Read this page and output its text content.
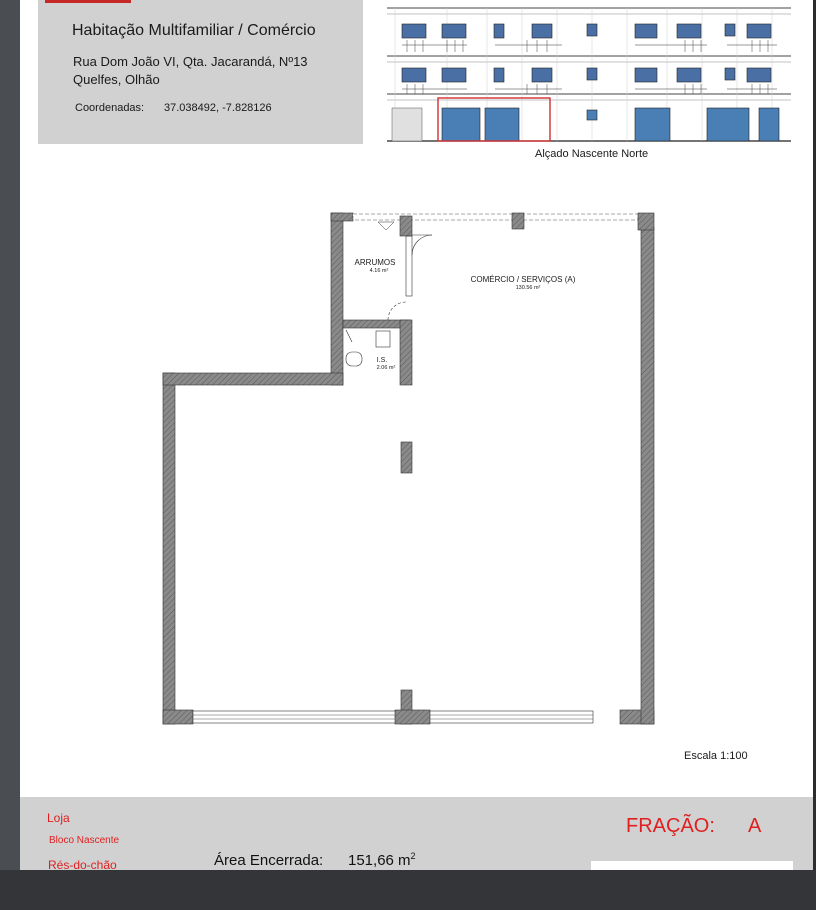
Habitação Multifamiliar / Comércio
Rua Dom João VI, Qta. Jacarandá, Nº13
Quelfes, Olhão
Coordenadas: 37.038492, -7.828126
Alçado Nascente Norte
ARRUMOS
4.16 m²
COMÉRCIO / SERVIÇOS (A)
130.56 m²
I.S.
2.06 m²
Escala 1:100
Loja
Bloco Nascente
Rés-do-chão	Área Encerrada: 151,66 $m^2$
FRAÇÃO: A
